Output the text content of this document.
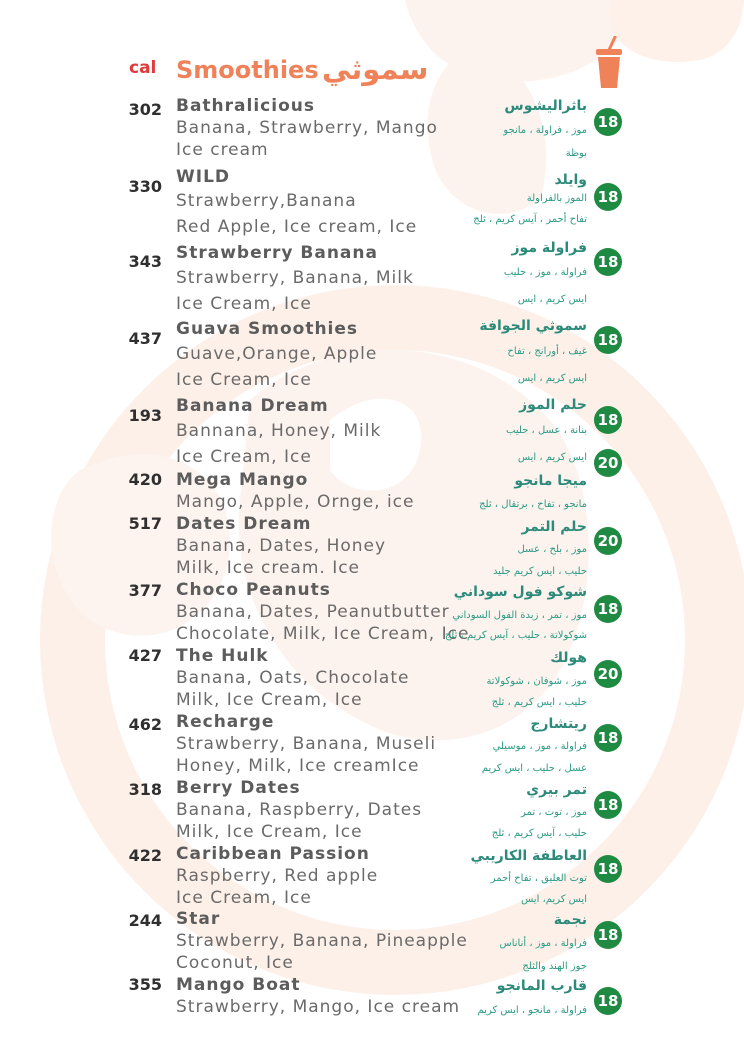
cal Smoothies سموثي
302 Bathralicious
Banana, Strawberry, Mango
Ice cream
باثراليشوس
موز ، فراولة ، مانجو
بوظة
18
330 WILD
Strawberry,Banana
Red Apple, Ice cream, Ice
وايلد
الموز بالفراولة
تفاح أحمر ، آيس كريم ، ثلج
18
343 Strawberry Banana
Strawberry, Banana, Milk
Ice Cream, Ice
فراولة موز
فراولة ، موز ، حليب
ايس كريم ، ايس
18
437 Guava Smoothies
Guave,Orange, Apple
Ice Cream, Ice
سموثي الجوافة
غيف ، أورانج ، تفاح
ايس كريم ، ايس
18
193 Banana Dream
Bannana, Honey, Milk
Ice Cream, Ice
حلم الموز
بنانة ، عسل ، حليب
ايس كريم ، ايس
18
420 Mega Mango
Mango, Apple, Ornge, ice
ميجا مانجو
مانجو ، تفاح ، برتقال ، ثلج
20
517 Dates Dream
Banana, Dates, Honey
Milk, Ice cream. Ice
حلم التمر
موز ، بلح ، عسل
حليب ، ايس كريم جليد
20
377 Choco Peanuts
Banana, Dates, Peanutbutter
Chocolate, Milk, Ice Cream, Ice
شوكو فول سوداني
موز ، تمر ، زبدة الفول السوداني
شوكولاتة ، حليب ، آيس كريم ، ثلج
18
427 The Hulk
Banana, Oats, Chocolate
Milk, Ice Cream, Ice
هولك
موز ، شوفان ، شوكولاتة
حليب ، ايس كريم ، ثلج
20
462 Recharge
Strawberry, Banana, Museli
Honey, Milk, Ice creamIce
ريتشارج
فراولة ، موز ، موسيلي
عسل ، حليب ، ايس كريم
18
318 Berry Dates
Banana, Raspberry, Dates
Milk, Ice Cream, Ice
تمر بيري
موز ، توت ، تمر
حليب ، آيس كريم ، ثلج
18
422 Caribbean Passion
Raspberry, Red apple
Ice Cream, Ice
العاطفة الكاريبي
توت العليق ، تفاح أحمر
ايس كريم، ايس
18
244 Star
Strawberry, Banana, Pineapple
Coconut, Ice
نجمة
فراولة ، موز ، أناناس
جوز الهند والثلج
18
355 Mango Boat
Strawberry, Mango, Ice cream
قارب المانجو
فراولة ، مانجو ، ايس كريم
18
